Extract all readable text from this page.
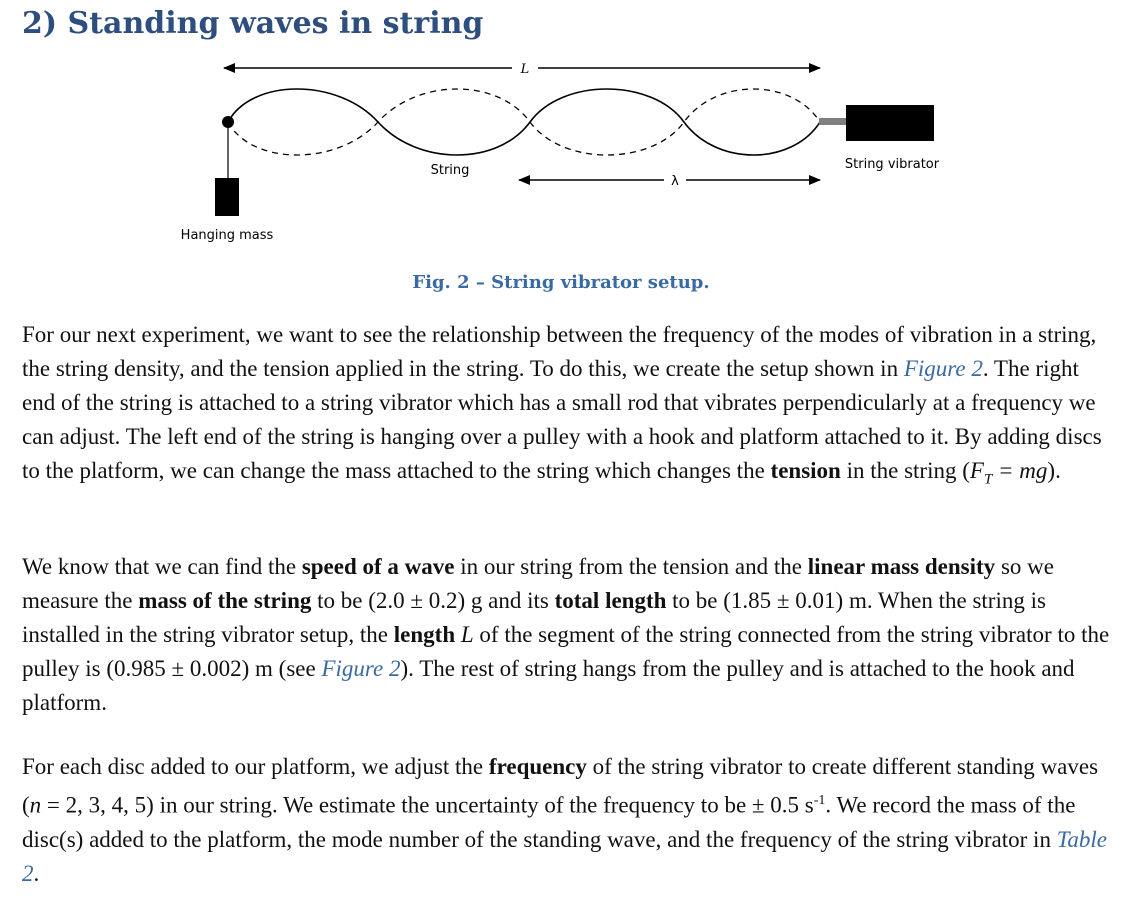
2) Standing waves in string
L
λ
String	String vibrator
Hanging mass
Fig. 2 – String vibrator setup.

For our next experiment, we want to see the relationship between the frequency of the modes of vibration in a string, the string density, and the tension applied in the string. To do this, we create the setup shown in Figure 2. The right end of the string is attached to a string vibrator which has a small rod that vibrates perpendicularly at a frequency we can adjust. The left end of the string is hanging over a pulley with a hook and platform attached to it. By adding discs to the platform, we can change the mass attached to the string which changes the tension in the string $(F_T = mg)$.

We know that we can find the speed of a wave in our string from the tension and the linear mass density so we measure the mass of the string to be (2.0 ± 0.2) g and its total length to be (1.85 ± 0.01) m. When the string is installed in the string vibrator setup, the length L of the segment of the string connected from the string vibrator to the pulley is (0.985 ± 0.002) m (see Figure 2). The rest of string hangs from the pulley and is attached to the hook and platform.

For each disc added to our platform, we adjust the frequency of the string vibrator to create different standing waves (n = 2, 3, 4, 5) in our string. We estimate the uncertainty of the frequency to be ± 0.5 $s^{-1}$. We record the mass of the disc(s) added to the platform, the mode number of the standing wave, and the frequency of the string vibrator in Table 2.
